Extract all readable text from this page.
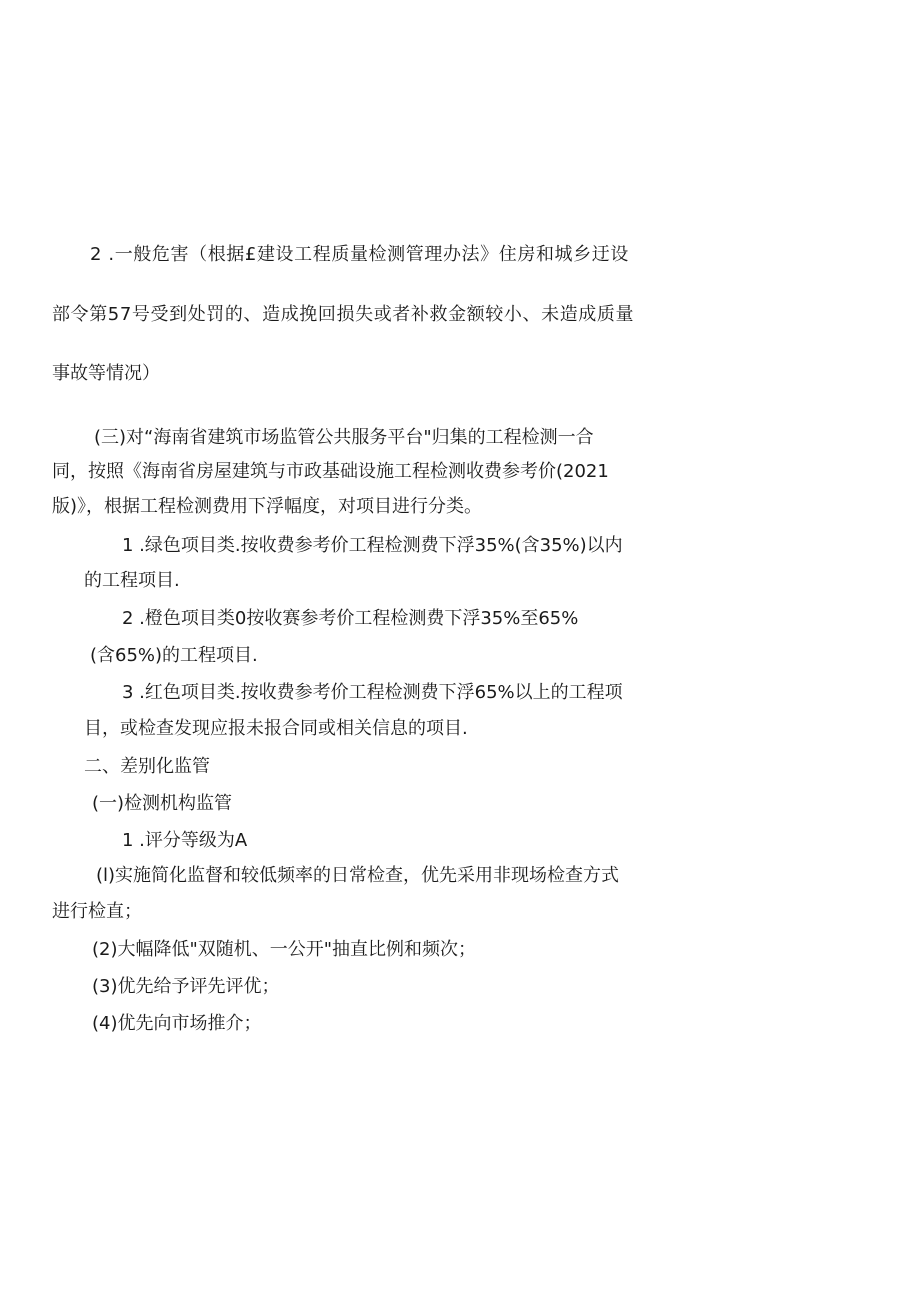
2 .一般危害（根据£建设工程质量检测管理办法》住房和城乡迂设
部令第57号受到处罚的、造成挽回损失或者补救金额较小、未造成质量
事故等情况）
(三)对“海南省建筑市场监管公共服务平台"归集的工程检测一合
同，按照《海南省房屋建筑与市政基础设施工程检测收费参考价(2021
版)》，根据工程检测费用下浮幅度，对项目进行分类。
1 .绿色项目类.按收费参考价工程检测费下浮35%(含35%)以内
的工程项目.
2 .橙色项目类0按收赛参考价工程检测费下浮35%至65%
(含65%)的工程项目.
3 .红色项目类.按收费参考价工程检测费下浮65%以上的工程项
目，或检查发现应报未报合同或相关信息的项目.
二、差别化监管
(一)检测机构监管
1 .评分等级为A
(l)实施简化监督和较低频率的日常检查，优先采用非现场检查方式
进行检直；
(2)大幅降低"双随机、一公开"抽直比例和频次；
(3)优先给予评先评优；
(4)优先向市场推介；
